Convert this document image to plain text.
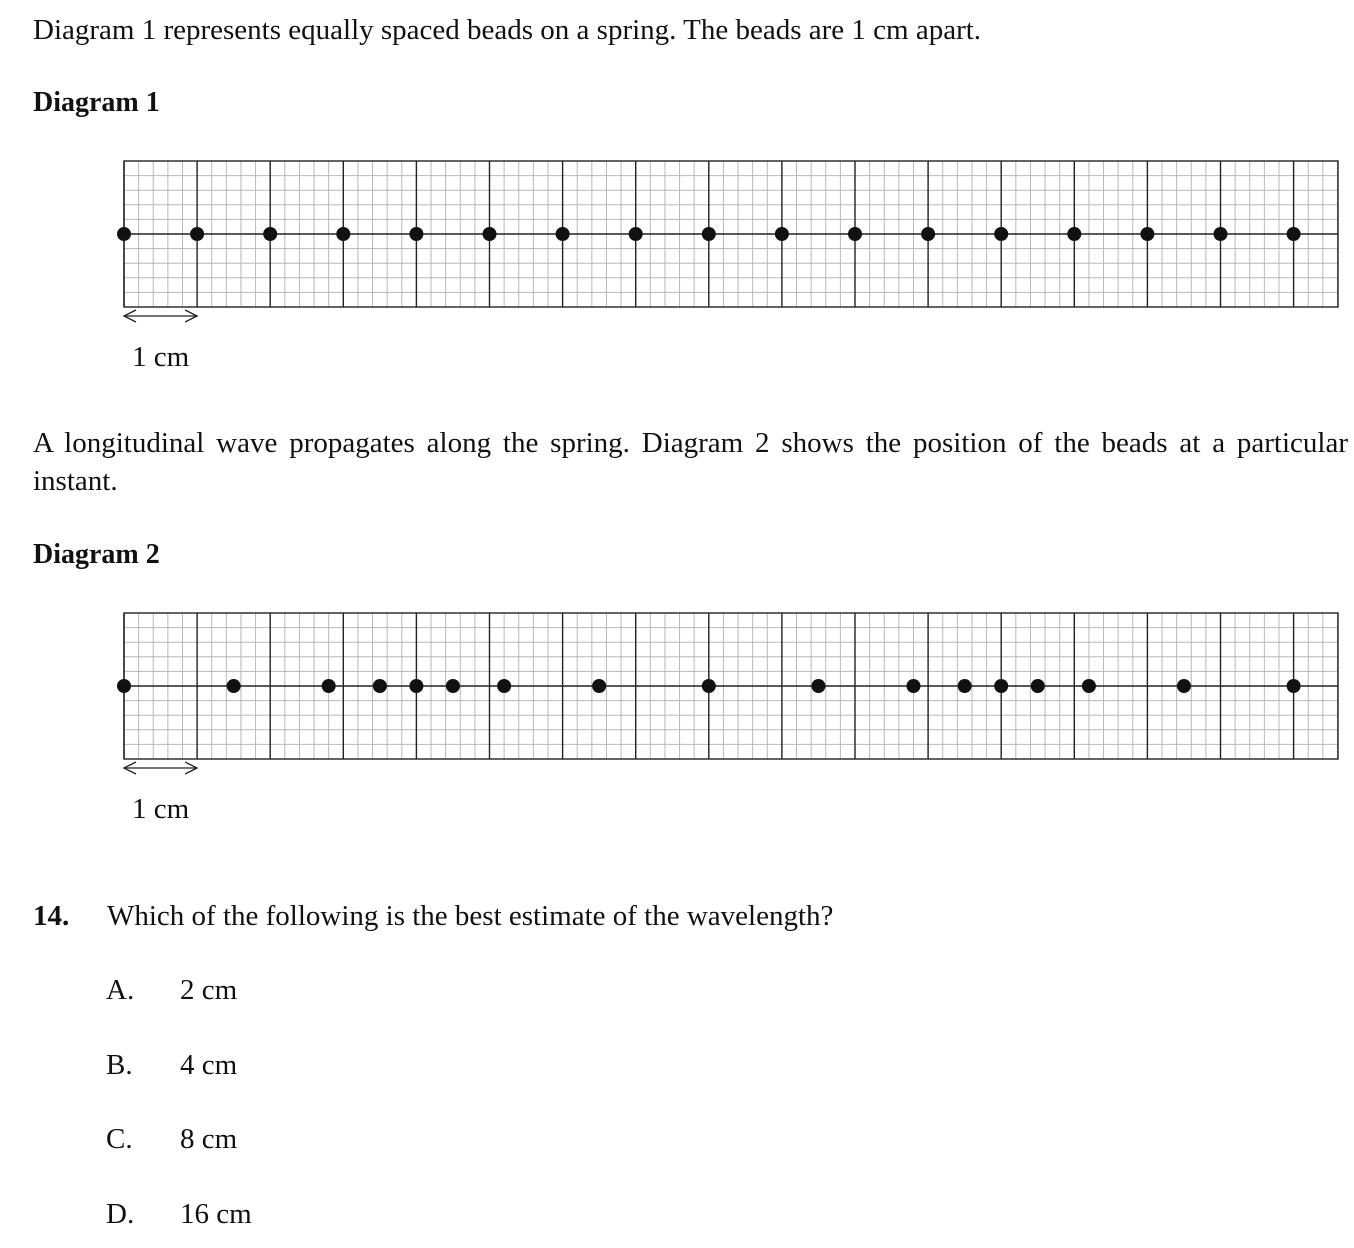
Diagram 1 represents equally spaced beads on a spring. The beads are 1 cm apart.
Diagram 1
1 cm
A longitudinal wave propagates along the spring. Diagram 2 shows the position of the beads at a particular instant.
Diagram 2
1 cm
14. Which of the following is the best estimate of the wavelength?
A. 2 cm
B. 4 cm
C. 8 cm
D. 16 cm
